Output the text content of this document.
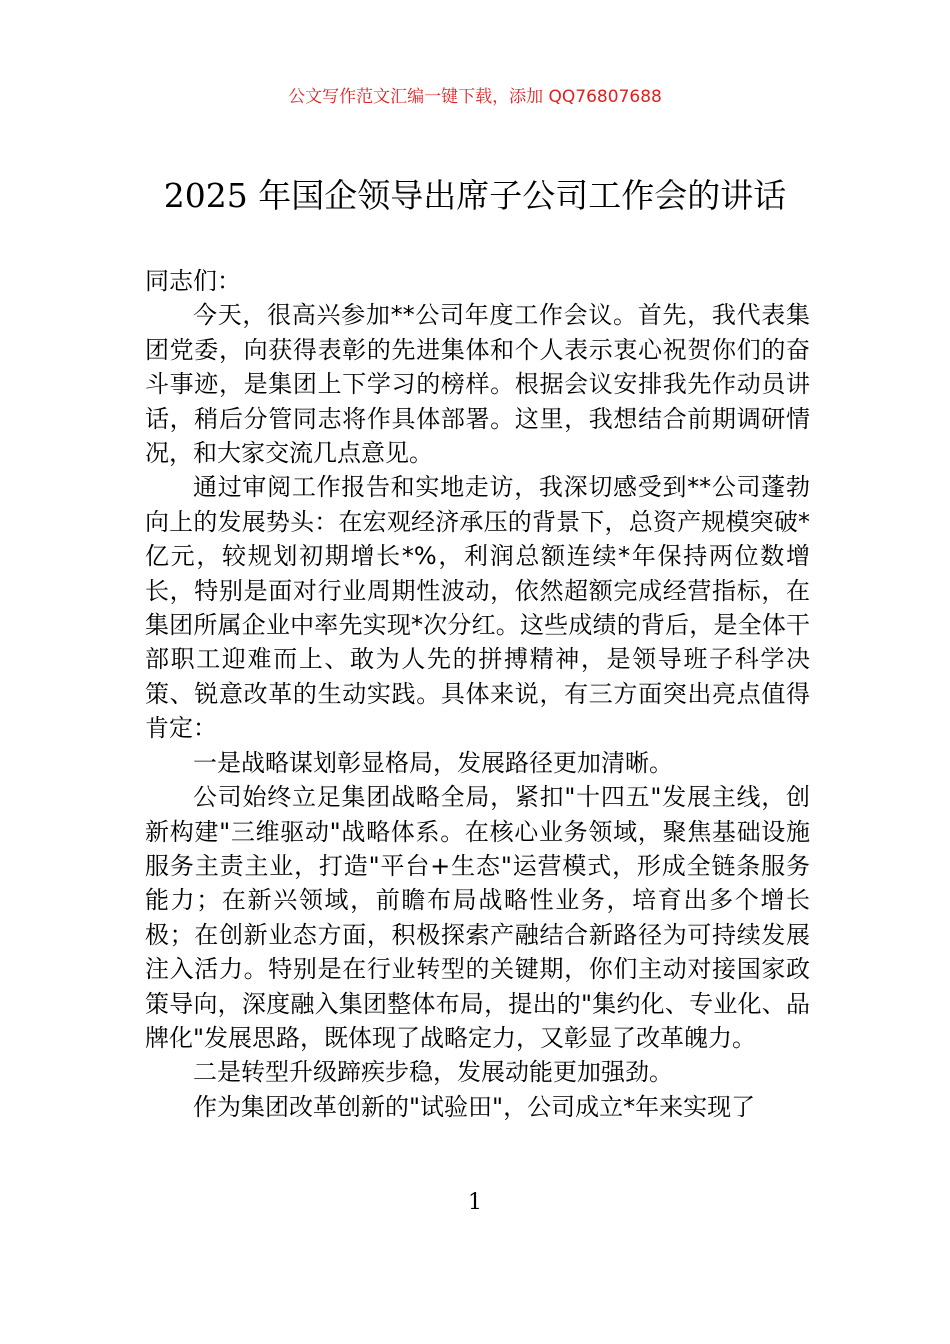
公文写作范文汇编一键下载，添加 QQ76807688
2025 年国企领导出席子公司工作会的讲话

同志们：

今天，很高兴参加**公司年度工作会议。首先，我代表集团党委，向获得表彰的先进集体和个人表示衷心祝贺你们的奋斗事迹，是集团上下学习的榜样。根据会议安排我先作动员讲话，稍后分管同志将作具体部署。这里，我想结合前期调研情况，和大家交流几点意见。

通过审阅工作报告和实地走访，我深切感受到**公司蓬勃向上的发展势头：在宏观经济承压的背景下，总资产规模突破*亿元，较规划初期增长*%，利润总额连续*年保持两位数增长，特别是面对行业周期性波动，依然超额完成经营指标，在集团所属企业中率先实现*次分红。这些成绩的背后，是全体干部职工迎难而上、敢为人先的拼搏精神，是领导班子科学决策、锐意改革的生动实践。具体来说，有三方面突出亮点值得肯定：

一是战略谋划彰显格局，发展路径更加清晰。

公司始终立足集团战略全局，紧扣"十四五"发展主线，创新构建"三维驱动"战略体系。在核心业务领域，聚焦基础设施服务主责主业，打造"平台+生态"运营模式，形成全链条服务能力；在新兴领域，前瞻布局战略性业务，培育出多个增长极；在创新业态方面，积极探索产融结合新路径为可持续发展注入活力。特别是在行业转型的关键期，你们主动对接国家政策导向，深度融入集团整体布局，提出的"集约化、专业化、品牌化"发展思路，既体现了战略定力，又彰显了改革魄力。

二是转型升级蹄疾步稳，发展动能更加强劲。

作为集团改革创新的"试验田"，公司成立*年来实现了

1
